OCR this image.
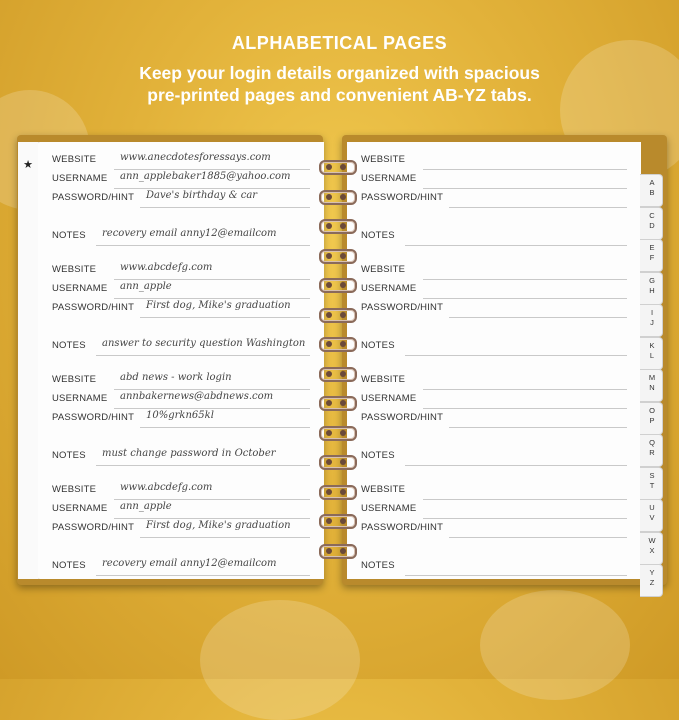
ALPHABETICAL PAGES
Keep your login details organized with spacious
pre-printed pages and convenient AB-YZ tabs.
★	WEBSITE www.anecdotesforessays.com
USERNAME ann_applebaker1885@yahoo.com
PASSWORD/HINT Dave's birthday & car
NOTES recovery email anny12@emailcom
WEBSITE www.abcdefg.com
USERNAME ann_apple
PASSWORD/HINT First dog, Mike's graduation
NOTES answer to security question Washington
WEBSITE abd news - work login
USERNAME annbakernews@abdnews.com
PASSWORD/HINT 10%grkn65kl
NOTES must change password in October
WEBSITE www.abcdefg.com
USERNAME ann_apple
PASSWORD/HINT First dog, Mike's graduation
NOTES recovery email anny12@emailcom
WEBSITE
USERNAME
PASSWORD/HINT
NOTES
WEBSITE
USERNAME
PASSWORD/HINT
NOTES
WEBSITE
USERNAME
PASSWORD/HINT
NOTES
WEBSITE
USERNAME
PASSWORD/HINT
NOTES
A
B
C
D
E
F
G
H
I
J
K
L
M
N
O
P
Q
R
S
T
U
V
W
X
Y
Z
